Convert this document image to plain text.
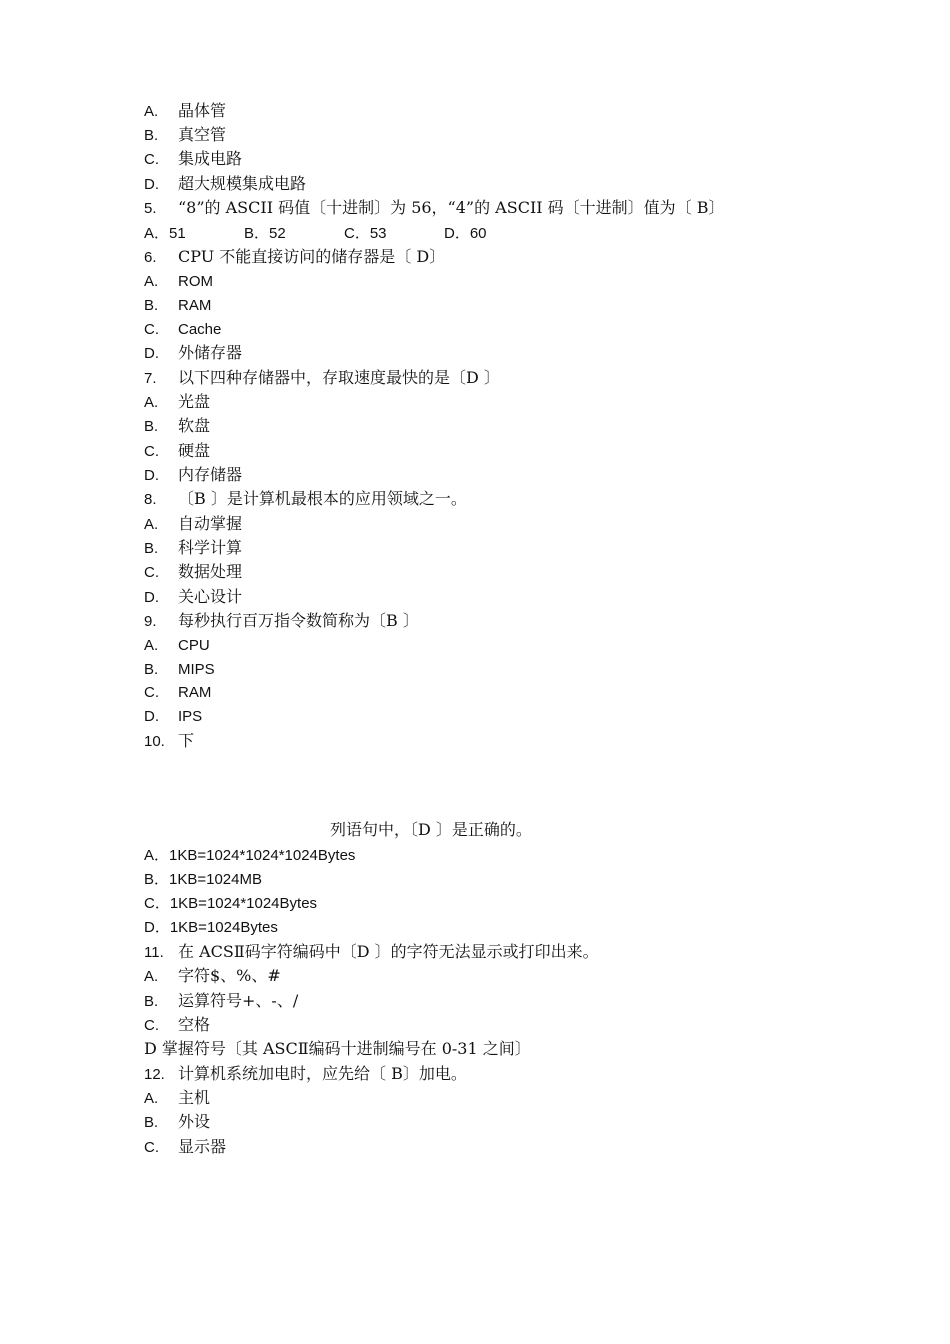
A. 晶体管
B. 真空管
C. 集成电路
D. 超大规模集成电路
5. “8”的 ASCII 码值〔十进制〕为 56，“4”的 ASCII 码〔十进制〕值为〔 B〕
A．51	B．52	C．53	D．60
6. CPU 不能直接访问的储存器是〔 D〕
A. ROM
B. RAM
C. Cache
D. 外储存器
7. 以下四种存储器中，存取速度最快的是〔D 〕
A. 光盘
B. 软盘
C. 硬盘
D. 内存储器
8. 〔B 〕是计算机最根本的应用领域之一。
A. 自动掌握
B. 科学计算
C. 数据处理
D. 关心设计
9. 每秒执行百万指令数简称为〔B 〕
A. CPU
B. MIPS
C. RAM
D. IPS
10. 下
列语句中，〔D 〕是正确的。
A．1KB=1024*1024*1024Bytes
B．1KB=1024MB
C．1KB=1024*1024Bytes
D．1KB=1024Bytes
11. 在 ACSⅡ码字符编码中〔D 〕的字符无法显示或打印出来。
A. 字符$、%、#
B. 运算符号+、-、/
C. 空格
D 掌握符号〔其 ASCⅡ编码十进制编号在 0-31 之间〕
12. 计算机系统加电时，应先给〔 B〕加电。
A. 主机
B. 外设
C. 显示器
